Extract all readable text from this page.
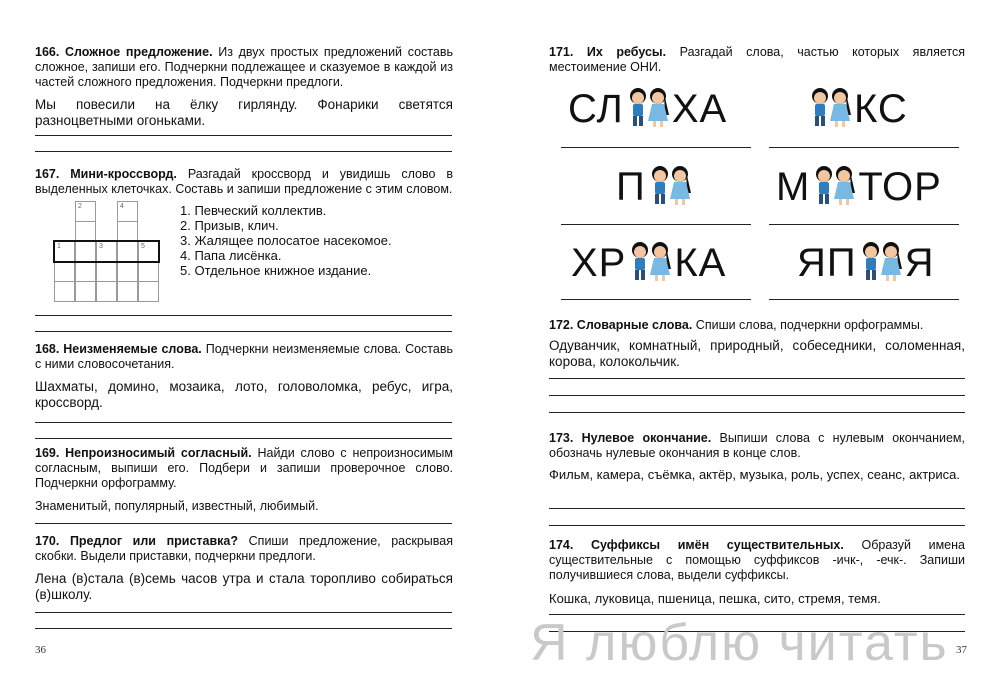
166. Сложное предложение. Из двух простых предложений составь сложное, запиши его. Подчеркни подлежащее и сказуемое в каждой из частей сложного предложения. Подчеркни предлоги.
Мы повесили на ёлку гирлянду. Фонарики светятся разноцветными огоньками.
167. Мини-кроссворд. Разгадай кроссворд и увидишь слово в выделенных клеточках. Составь и запиши предложение с этим словом.
2	4
1	3	5
1. Певческий коллектив.
2. Призыв, клич.
3. Жалящее полосатое насекомое.
4. Папа лисёнка.
5. Отдельное книжное издание.
168. Неизменяемые слова. Подчеркни неизменяемые слова. Составь с ними словосочетания.
Шахматы, домино, мозаика, лото, головоломка, ребус, игра, кроссворд.
169. Непроизносимый согласный. Найди слово с непроизносимым согласным, выпиши его. Подбери и запиши проверочное слово. Подчеркни орфограмму.
Знаменитый, популярный, известный, любимый.
170. Предлог или приставка? Спиши предложение, раскрывая скобки. Выдели приставки, подчеркни предлоги.
Лена (в)стала (в)семь часов утра и стала торопливо собираться (в)школу.
36
171. Их ребусы. Разгадай слова, частью которых является местоимение ОНИ.
СЛ ХА	КС
П	М ТОР
ХР КА ЯП Я
172. Словарные слова. Спиши слова, подчеркни орфограммы.
Одуванчик, комнатный, природный, собеседники, соломенная, корова, колокольчик.
173. Нулевое окончание. Выпиши слова с нулевым окончанием, обозначь нулевые окончания в конце слов.
Фильм, камера, съёмка, актёр, музыка, роль, успех, сеанс, актриса.
174. Суффиксы имён существительных. Образуй имена существительные с помощью суффиксов -ичк-, -ечк-. Запиши получившиеся слова, выдели суффиксы.
Кошка, луковица, пшеница, пешка, сито, стремя, темя.
37
Я люблю читать
